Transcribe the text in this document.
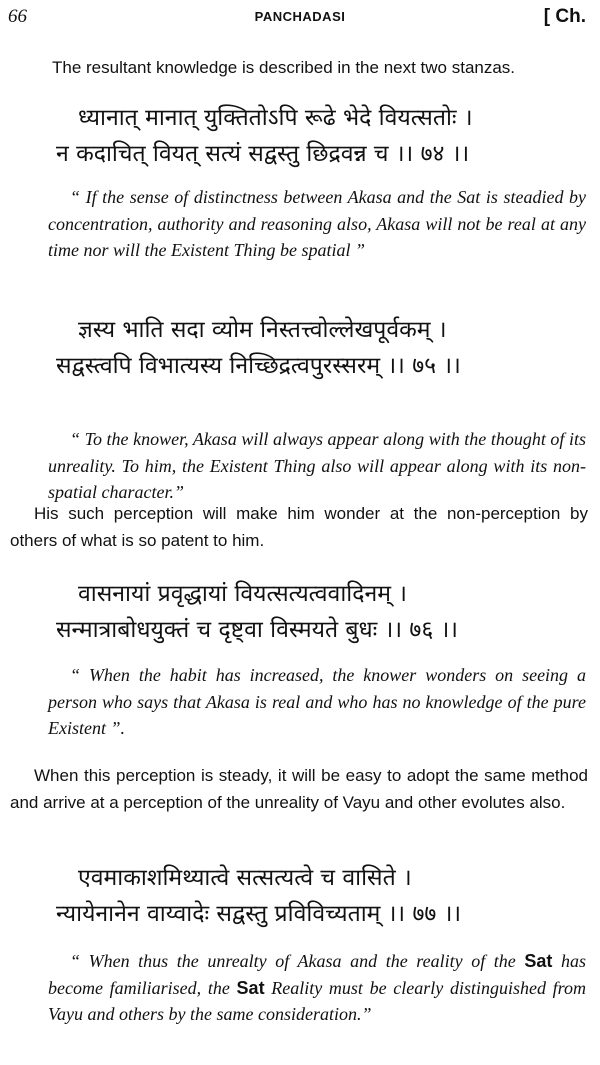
66	PANCHADASI	[ Ch.
The resultant knowledge is described in the next two stanzas.
ध्यानात् मानात् युक्तितोऽपि रूढे भेदे वियत्सतोः ।
न कदाचित् वियत् सत्यं सद्वस्तु छिद्रवन्न च ।। ७४ ।।
“ If the sense of distinctness between Akasa and the Sat is steadied by concentration, authority and reasoning also, Akasa will not be real at any time nor will the Existent Thing be spatial ”
ज्ञस्य भाति सदा व्योम निस्तत्त्वोल्लेखपूर्वकम् ।
सद्वस्त्वपि विभात्यस्य निच्छिद्रत्वपुरस्सरम् ।। ७५ ।।
“ To the knower, Akasa will always appear along with the thought of its unreality. To him, the Existent Thing also will appear along with its non-spatial character.”
His such perception will make him wonder at the non-perception by others of what is so patent to him.
वासनायां प्रवृद्धायां वियत्सत्यत्ववादिनम् ।
सन्मात्राबोधयुक्तं च दृष्ट्वा विस्मयते बुधः ।। ७६ ।।
“ When the habit has increased, the knower wonders on seeing a person who says that Akasa is real and who has no knowledge of the pure Existent ”.
When this perception is steady, it will be easy to adopt the same method and arrive at a perception of the unreality of Vayu and other evolutes also.
एवमाकाशमिथ्यात्वे सत्सत्यत्वे च वासिते ।
न्यायेनानेन वाय्वादेः सद्वस्तु प्रविविच्यताम् ।। ७७ ।।
“ When thus the unrealty of Akasa and the reality of the Sat has become familiarised, the Sat Reality must be clearly distinguished from Vayu and others by the same consideration.”
